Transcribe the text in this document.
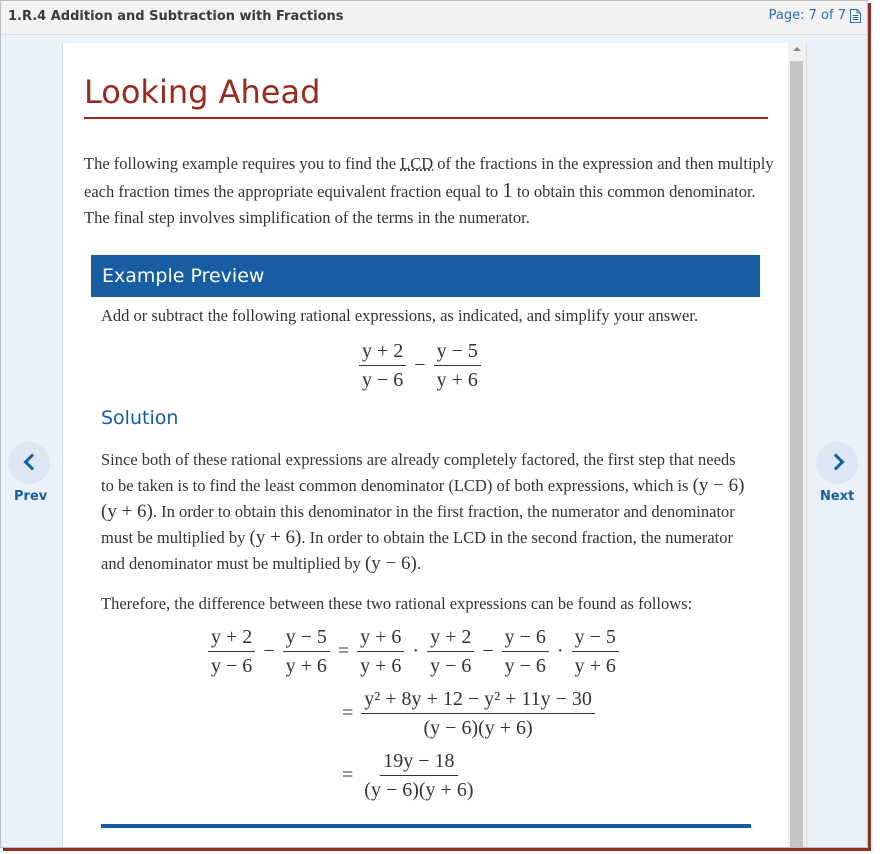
1.R.4 Addition and Subtraction with Fractions	Page: 7 of 7
Prev	Next
Looking Ahead
The following example requires you to find the LCD of the fractions in the expression and then multiply each fraction times the appropriate equivalent fraction equal to 1 to obtain this common denominator. The final step involves simplification of the terms in the numerator.
Example Preview
Add or subtract the following rational expressions, as indicated, and simplify your answer.
$\frac{y + 2}{y - 6} - \frac{y - 5}{y + 6}$
Solution
Since both of these rational expressions are already completely factored, the first step that needs to be taken is to find the least common denominator (LCD) of both expressions, which is (y − 6)(y + 6). In order to obtain this denominator in the first fraction, the numerator and denominator must be multiplied by (y + 6). In order to obtain the LCD in the second fraction, the numerator and denominator must be multiplied by (y − 6).
Therefore, the difference between these two rational expressions can be found as follows:
$\frac{y + 2}{y - 6} - \frac{y - 5}{y + 6} = \frac{y + 6}{y + 6} \cdot \frac{y + 2}{y - 6} - \frac{y - 6}{y - 6} \cdot \frac{y - 5}{y + 6}$
= $\frac{\text{y² + 8y + 12 − y² + 11y − 30}}{(y - 6)(y + 6)}$
= $\frac{19y - 18}{(y - 6)(y + 6)}$
